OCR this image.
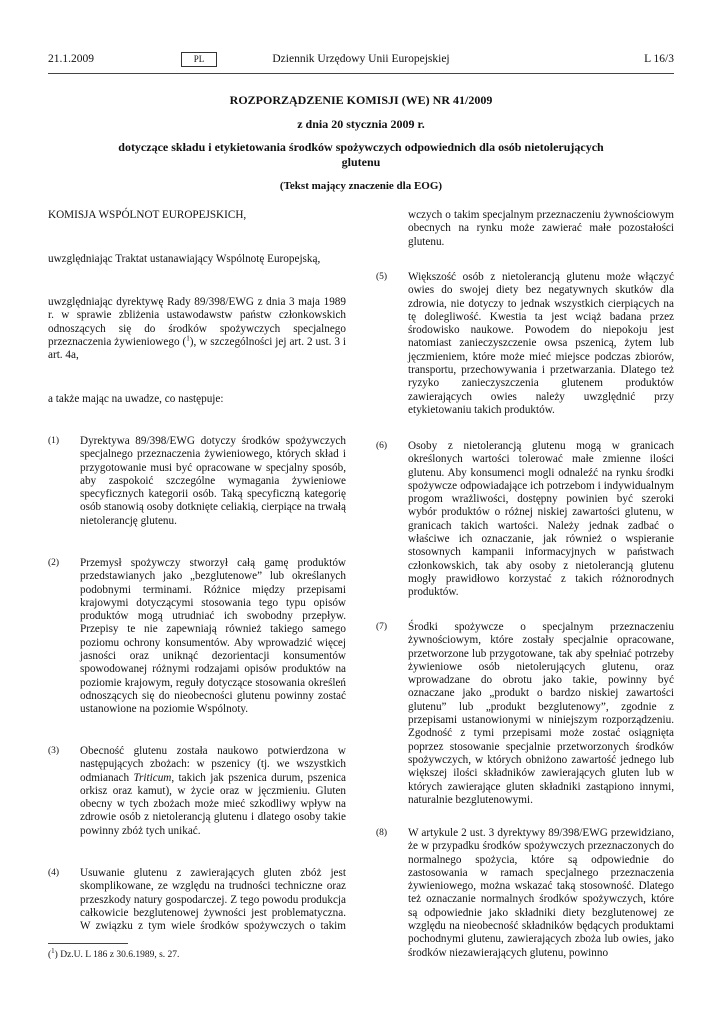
21.1.2009	PL	Dziennik Urzędowy Unii Europejskiej	L 16/3
ROZPORZĄDZENIE KOMISJI (WE) NR 41/2009
z dnia 20 stycznia 2009 r.
dotyczące składu i etykietowania środków spożywczych odpowiednich dla osób nietolerujących glutenu
(Tekst mający znaczenie dla EOG)
KOMISJA WSPÓLNOT EUROPEJSKICH,
uwzględniając Traktat ustanawiający Wspólnotę Europejską,
uwzględniając dyrektywę Rady 89/398/EWG z dnia 3 maja 1989 r. w sprawie zbliżenia ustawodawstw państw członkowskich odnoszących się do środków spożywczych specjalnego przeznaczenia żywieniowego ($^1$), w szczególności jej art. 2 ust. 3 i art. 4a,
a także mając na uwadze, co następuje:
(1) Dyrektywa 89/398/EWG dotyczy środków spożywczych specjalnego przeznaczenia żywieniowego, których skład i przygotowanie musi być opracowane w specjalny sposób, aby zaspokoić szczególne wymagania żywieniowe specyficznych kategorii osób. Taką specyficzną kategorię osób stanowią osoby dotknięte celiakią, cierpiące na trwałą nietolerancję glutenu.
(2) Przemysł spożywczy stworzył całą gamę produktów przedstawianych jako „bezglutenowe” lub określanych podobnymi terminami. Różnice między przepisami krajowymi dotyczącymi stosowania tego typu opisów produktów mogą utrudniać ich swobodny przepływ. Przepisy te nie zapewniają również takiego samego poziomu ochrony konsumentów. Aby wprowadzić więcej jasności oraz uniknąć dezorientacji konsumentów spowodowanej różnymi rodzajami opisów produktów na poziomie krajowym, reguły dotyczące stosowania określeń odnoszących się do nieobecności glutenu powinny zostać ustanowione na poziomie Wspólnoty.
(3) Obecność glutenu została naukowo potwierdzona w następujących zbożach: w pszenicy (tj. we wszystkich odmianach Triticum, takich jak pszenica durum, pszenica orkisz oraz kamut), w życie oraz w jęczmieniu. Gluten obecny w tych zbożach może mieć szkodliwy wpływ na zdrowie osób z nietolerancją glutenu i dlatego osoby takie powinny zbóż tych unikać.
(4) Usuwanie glutenu z zawierających gluten zbóż jest skomplikowane, ze względu na trudności techniczne oraz przeszkody natury gospodarczej. Z tego powodu produkcja całkowicie bezglutenowej żywności jest problematyczna. W związku z tym wiele środków spożywczych o takim
($^1$) Dz.U. L 186 z 30.6.1989, s. 27.
wczych o takim specjalnym przeznaczeniu żywnościowym obecnych na rynku może zawierać małe pozostałości glutenu.
(5) Większość osób z nietolerancją glutenu może włączyć owies do swojej diety bez negatywnych skutków dla zdrowia, nie dotyczy to jednak wszystkich cierpiących na tę dolegliwość. Kwestia ta jest wciąż badana przez środowisko naukowe. Powodem do niepokoju jest natomiast zanieczyszczenie owsa pszenicą, żytem lub jęczmieniem, które może mieć miejsce podczas zbiorów, transportu, przechowywania i przetwarzania. Dlatego też ryzyko zanieczyszczenia glutenem produktów zawierających owies należy uwzględnić przy etykietowaniu takich produktów.
(6) Osoby z nietolerancją glutenu mogą w granicach określonych wartości tolerować małe zmienne ilości glutenu. Aby konsumenci mogli odnaleźć na rynku środki spożywcze odpowiadające ich potrzebom i indywidualnym progom wrażliwości, dostępny powinien być szeroki wybór produktów o różnej niskiej zawartości glutenu, w granicach takich wartości. Należy jednak zadbać o właściwe ich oznaczanie, jak również o wspieranie stosownych kampanii informacyjnych w państwach członkowskich, tak aby osoby z nietolerancją glutenu mogły prawidłowo korzystać z takich różnorodnych produktów.
(7) Środki spożywcze o specjalnym przeznaczeniu żywnościowym, które zostały specjalnie opracowane, przetworzone lub przygotowane, tak aby spełniać potrzeby żywieniowe osób nietolerujących glutenu, oraz wprowadzane do obrotu jako takie, powinny być oznaczane jako „produkt o bardzo niskiej zawartości glutenu” lub „produkt bezglutenowy”, zgodnie z przepisami ustanowionymi w niniejszym rozporządzeniu. Zgodność z tymi przepisami może zostać osiągnięta poprzez stosowanie specjalnie przetworzonych środków spożywczych, w których obniżono zawartość jednego lub większej ilości składników zawierających gluten lub w których zawierające gluten składniki zastąpiono innymi, naturalnie bezglutenowymi.
(8) W artykule 2 ust. 3 dyrektywy 89/398/EWG przewidziano, że w przypadku środków spożywczych przeznaczonych do normalnego spożycia, które są odpowiednie do zastosowania w ramach specjalnego przeznaczenia żywieniowego, można wskazać taką stosowność. Dlatego też oznaczanie normalnych środków spożywczych, które są odpowiednie jako składniki diety bezglutenowej ze względu na nieobecność składników będących produktami pochodnymi glutenu, zawierających zboża lub owies, jako środków niezawierających glutenu, powinno
